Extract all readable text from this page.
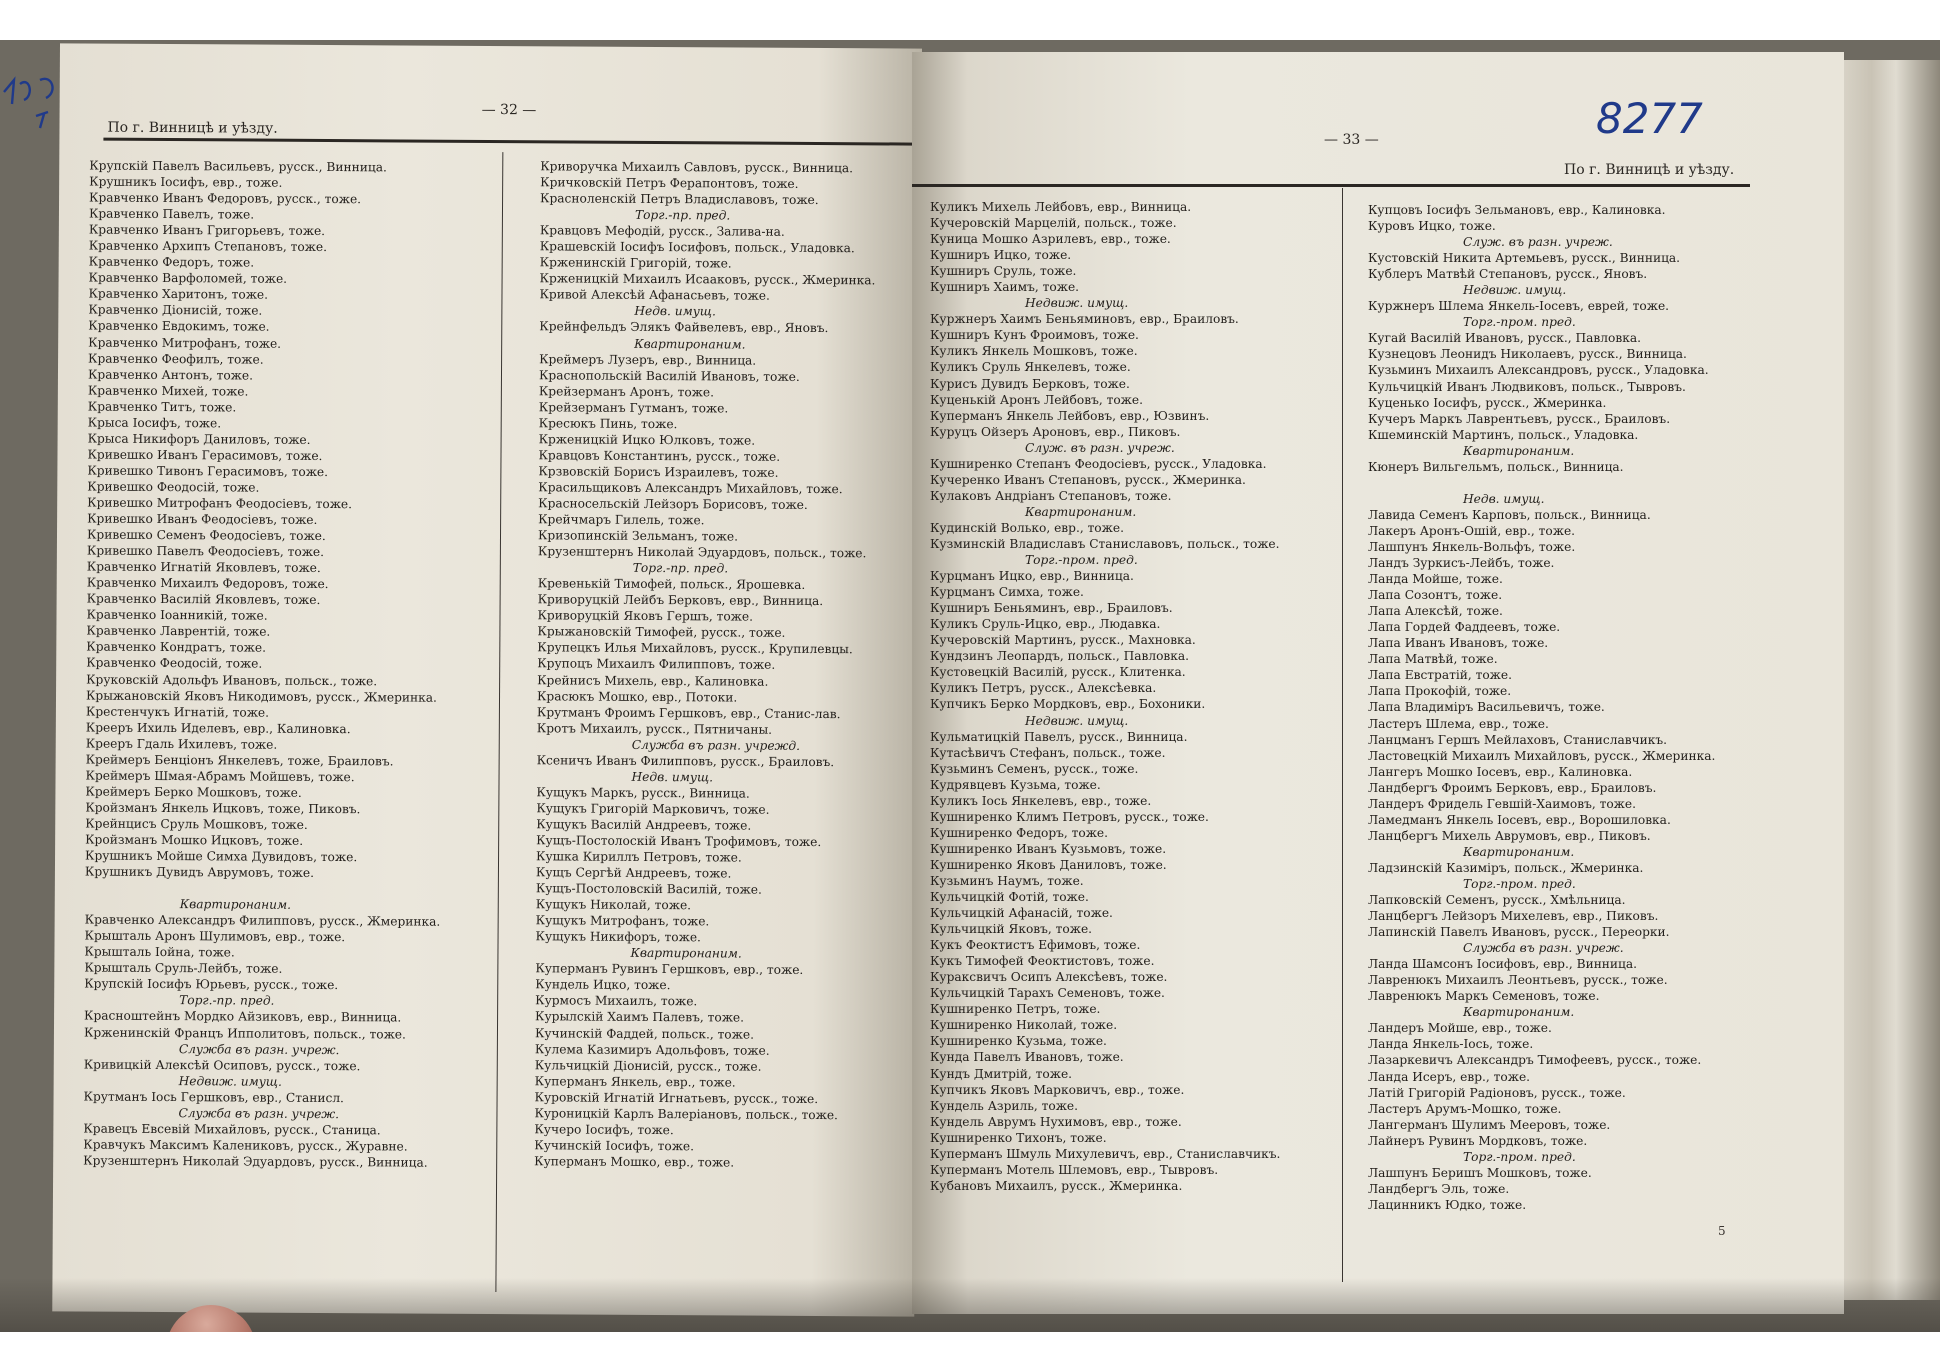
По г. Винницѣ и уѣзду.
— 32 —
Крупскій Павелъ Васильевъ, русск., Винница.
Крушникъ Іосифъ, евр., тоже.
Кравченко Иванъ Федоровъ, русск., тоже.
Кравченко Павелъ, тоже.
Кравченко Иванъ Григорьевъ, тоже.
Кравченко Архипъ Степановъ, тоже.
Кравченко Федоръ, тоже.
Кравченко Варфоломей, тоже.
Кравченко Харитонъ, тоже.
Кравченко Діонисій, тоже.
Кравченко Евдокимъ, тоже.
Кравченко Митрофанъ, тоже.
Кравченко Феофилъ, тоже.
Кравченко Антонъ, тоже.
Кравченко Михей, тоже.
Кравченко Титъ, тоже.
Крыса Іосифъ, тоже.
Крыса Никифоръ Даниловъ, тоже.
Кривешко Иванъ Герасимовъ, тоже.
Кривешко Тивонъ Герасимовъ, тоже.
Кривешко Феодосій, тоже.
Кривешко Митрофанъ Феодосіевъ, тоже.
Кривешко Иванъ Феодосіевъ, тоже.
Кривешко Семенъ Феодосіевъ, тоже.
Кривешко Павелъ Феодосіевъ, тоже.
Кравченко Игнатій Яковлевъ, тоже.
Кравченко Михаилъ Федоровъ, тоже.
Кравченко Василій Яковлевъ, тоже.
Кравченко Іоанникій, тоже.
Кравченко Лаврентій, тоже.
Кравченко Кондратъ, тоже.
Кравченко Феодосій, тоже.
Круковскій Адольфъ Ивановъ, польск., тоже.
Крыжановскій Яковъ Никодимовъ, русск., Жмеринка.
Крестенчукъ Игнатій, тоже.
Крееръ Ихиль Иделевъ, евр., Калиновка.
Крееръ Гдаль Ихилевъ, тоже.
Креймеръ Бенціонъ Янкелевъ, тоже, Браиловъ.
Креймеръ Шмая-Абрамъ Мойшевъ, тоже.
Креймеръ Берко Мошковъ, тоже.
Кройзманъ Янкель Ицковъ, тоже, Пиковъ.
Крейнцисъ Сруль Мошковъ, тоже.
Кройзманъ Мошко Ицковъ, тоже.
Крушникъ Мойше Симха Дувидовъ, тоже.
Крушникъ Дувидъ Аврумовъ, тоже.
Квартиронаним.
Кравченко Александръ Филипповъ, русск., Жмеринка.
Крышталь Аронъ Шулимовъ, евр., тоже.
Крышталь Іойна, тоже.
Крышталь Сруль-Лейбъ, тоже.
Крупскій Іосифъ Юрьевъ, русск., тоже.
Торг.-пр. пред.
Красноштейнъ Мордко Айзиковъ, евр., Винница.
Крженинскій Францъ Ипполитовъ, польск., тоже.
Служба въ разн. учреж.
Кривицкій Алексѣй Осиповъ, русск., тоже.
Недвиж. имущ.
Крутманъ Іось Гершковъ, евр., Станисл.
Служба въ разн. учреж.
Кравецъ Евсевій Михайловъ, русск., Станица.
Кравчукъ Максимъ Калениковъ, русск., Журавне.
Крузенштернъ Николай Эдуардовъ, русск., Винница.
Криворучка Михаилъ Савловъ, русск., Винница.
Кричковскій Петръ Ферапонтовъ, тоже.
Красноленскій Петръ Владиславовъ, тоже.
Торг.-пр. пред.
Кравцовъ Мефодій, русск., Залива-на.
Крашевскій Іосифъ Іосифовъ, польск., Уладовка.
Крженинскій Григорій, тоже.
Крженицкій Михаилъ Исааковъ, русск., Жмеринка.
Кривой Алексѣй Афанасьевъ, тоже.
Недв. имущ.
Крейнфельдъ Элякъ Файвелевъ, евр., Яновъ.
Квартиронаним.
Креймеръ Лузеръ, евр., Винница.
Краснопольскій Василій Ивановъ, тоже.
Крейзерманъ Аронъ, тоже.
Крейзерманъ Гутманъ, тоже.
Кресюкъ Пинь, тоже.
Крженицкій Ицко Юлковъ, тоже.
Кравцовъ Константинъ, русск., тоже.
Крзвовскій Борисъ Израилевъ, тоже.
Красильщиковъ Александръ Михайловъ, тоже.
Красносельскій Лейзоръ Борисовъ, тоже.
Крейчмаръ Гилель, тоже.
Кризопинскій Зельманъ, тоже.
Крузенштернъ Николай Эдуардовъ, польск., тоже.
Торг.-пр. пред.
Кревенькій Тимофей, польск., Ярошевка.
Криворуцкій Лейбъ Берковъ, евр., Винница.
Криворуцкій Яковъ Гершъ, тоже.
Крыжановскій Тимофей, русск., тоже.
Крупецкъ Илья Михайловъ, русск., Крупилевцы.
Крупоцъ Михаилъ Филипповъ, тоже.
Крейнисъ Михель, евр., Калиновка.
Красюкъ Мошко, евр., Потоки.
Крутманъ Фроимъ Гершковъ, евр., Станис-лав.
Кротъ Михаилъ, русск., Пятничаны.
Служба въ разн. учрежд.
Ксеничъ Иванъ Филипповъ, русск., Браиловъ.
Недв. имущ.
Кущукъ Маркъ, русск., Винница.
Кущукъ Григорій Марковичъ, тоже.
Кущукъ Василій Андреевъ, тоже.
Кущъ-Постолоскій Иванъ Трофимовъ, тоже.
Кушка Кириллъ Петровъ, тоже.
Кущъ Сергѣй Андреевъ, тоже.
Кущъ-Постоловскій Василій, тоже.
Кущукъ Николай, тоже.
Кущукъ Митрофанъ, тоже.
Кущукъ Никифоръ, тоже.
Квартиронаним.
Куперманъ Рувинъ Гершковъ, евр., тоже.
Кундель Ицко, тоже.
Курмосъ Михаилъ, тоже.
Курылскій Хаимъ Палевъ, тоже.
Кучинскій Фаддей, польск., тоже.
Кулема Казимиръ Адольфовъ, тоже.
Кульчицкій Діонисій, русск., тоже.
Куперманъ Янкель, евр., тоже.
Куровскій Игнатій Игнатьевъ, русск., тоже.
Куроницкій Карлъ Валеріановъ, польск., тоже.
Кучеро Іосифъ, тоже.
Кучинскій Іосифъ, тоже.
Куперманъ Мошко, евр., тоже.
— 33 —
По г. Винницѣ и уѣзду.
8277
Куликъ Михель Лейбовъ, евр., Винница.
Кучеровскій Марцелій, польск., тоже.
Куница Мошко Азрилевъ, евр., тоже.
Кушниръ Ицко, тоже.
Кушниръ Сруль, тоже.
Кушниръ Хаимъ, тоже.
Недвиж. имущ.
Куржнеръ Хаимъ Беньяминовъ, евр., Браиловъ.
Кушниръ Кунъ Фроимовъ, тоже.
Куликъ Янкель Мошковъ, тоже.
Куликъ Сруль Янкелевъ, тоже.
Курисъ Дувидъ Берковъ, тоже.
Куценькій Аронъ Лейбовъ, тоже.
Куперманъ Янкель Лейбовъ, евр., Юзвинъ.
Куруцъ Ойзеръ Ароновъ, евр., Пиковъ.
Служ. въ разн. учреж.
Кушниренко Степанъ Феодосіевъ, русск., Уладовка.
Кучеренко Иванъ Степановъ, русск., Жмеринка.
Кулаковъ Андріанъ Степановъ, тоже.
Квартиронаним.
Кудинскій Волько, евр., тоже.
Кузминскій Владиславъ Станиславовъ, польск., тоже.
Торг.-пром. пред.
Курцманъ Ицко, евр., Винница.
Курцманъ Симха, тоже.
Кушниръ Беньяминъ, евр., Браиловъ.
Куликъ Сруль-Ицко, евр., Людавка.
Кучеровскій Мартинъ, русск., Махновка.
Кундзинъ Леопардъ, польск., Павловка.
Кустовецкій Василій, русск., Клитенка.
Куликъ Петръ, русск., Алексѣевка.
Купчикъ Берко Мордковъ, евр., Бохоники.
Недвиж. имущ.
Кульматицкій Павелъ, русск., Винница.
Кутасѣвичъ Стефанъ, польск., тоже.
Кузьминъ Семенъ, русск., тоже.
Кудрявцевъ Кузьма, тоже.
Куликъ Іось Янкелевъ, евр., тоже.
Кушниренко Климъ Петровъ, русск., тоже.
Кушниренко Федоръ, тоже.
Кушниренко Иванъ Кузьмовъ, тоже.
Кушниренко Яковъ Даниловъ, тоже.
Кузьминъ Наумъ, тоже.
Кульчицкій Фотій, тоже.
Кульчицкій Афанасій, тоже.
Кульчицкій Яковъ, тоже.
Кукъ Феоктистъ Ефимовъ, тоже.
Кукъ Тимофей Феоктистовъ, тоже.
Кураксвичъ Осипъ Алексѣевъ, тоже.
Кульчицкій Тарахъ Семеновъ, тоже.
Кушниренко Петръ, тоже.
Кушниренко Николай, тоже.
Кушниренко Кузьма, тоже.
Кунда Павелъ Ивановъ, тоже.
Кундъ Дмитрій, тоже.
Купчикъ Яковъ Марковичъ, евр., тоже.
Кундель Азриль, тоже.
Кундель Аврумъ Нухимовъ, евр., тоже.
Кушниренко Тихонъ, тоже.
Куперманъ Шмуль Михулевичъ, евр., Станиславчикъ.
Куперманъ Мотель Шлемовъ, евр., Тывровъ.
Кубановъ Михаилъ, русск., Жмеринка.
Купцовъ Іосифъ Зельмановъ, евр., Калиновка.
Куровъ Ицко, тоже.
Служ. въ разн. учреж.
Кустовскій Никита Артемьевъ, русск., Винница.
Кублеръ Матвѣй Степановъ, русск., Яновъ.
Недвиж. имущ.
Куржнеръ Шлема Янкель-Іосевъ, еврей, тоже.
Торг.-пром. пред.
Кугай Василій Ивановъ, русск., Павловка.
Кузнецовъ Леонидъ Николаевъ, русск., Винница.
Кузьминъ Михаилъ Александровъ, русск., Уладовка.
Кульчицкій Иванъ Людвиковъ, польск., Тывровъ.
Куценько Іосифъ, русск., Жмеринка.
Кучеръ Маркъ Лаврентьевъ, русск., Браиловъ.
Кшеминскій Мартинъ, польск., Уладовка.
Квартиронаним.
Кюнеръ Вильгельмъ, польск., Винница.
Недв. имущ.
Лавида Семенъ Карповъ, польск., Винница.
Лакеръ Аронъ-Ошій, евр., тоже.
Лашпунъ Янкель-Вольфъ, тоже.
Ландъ Зуркисъ-Лейбъ, тоже.
Ланда Мойше, тоже.
Лапа Созонтъ, тоже.
Лапа Алексѣй, тоже.
Лапа Гордей Фаддеевъ, тоже.
Лапа Иванъ Ивановъ, тоже.
Лапа Матвѣй, тоже.
Лапа Евстратій, тоже.
Лапа Прокофій, тоже.
Лапа Владиміръ Васильевичъ, тоже.
Ластеръ Шлема, евр., тоже.
Ланцманъ Гершъ Мейлаховъ, Станиславчикъ.
Ластовецкій Михаилъ Михайловъ, русск., Жмеринка.
Лангеръ Мошко Іосевъ, евр., Калиновка.
Ландбергъ Фроимъ Берковъ, евр., Браиловъ.
Ландеръ Фридель Гевшій-Хаимовъ, тоже.
Ламедманъ Янкель Іосевъ, евр., Ворошиловка.
Ланцбергъ Михель Аврумовъ, евр., Пиковъ.
Квартиронаним.
Ладзинскій Казиміръ, польск., Жмеринка.
Торг.-пром. пред.
Лапковскій Семенъ, русск., Хмѣльница.
Ланцбергъ Лейзоръ Михелевъ, евр., Пиковъ.
Лапинскій Павелъ Ивановъ, русск., Переорки.
Служба въ разн. учреж.
Ланда Шамсонъ Іосифовъ, евр., Винница.
Лавренюкъ Михаилъ Леонтьевъ, русск., тоже.
Лавренюкъ Маркъ Семеновъ, тоже.
Квартиронаним.
Ландеръ Мойше, евр., тоже.
Ланда Янкель-Іось, тоже.
Лазаркевичъ Александръ Тимофеевъ, русск., тоже.
Ланда Исеръ, евр., тоже.
Латій Григорій Радіоновъ, русск., тоже.
Ластеръ Арумъ-Мошко, тоже.
Лангерманъ Шулимъ Мееровъ, тоже.
Лайнеръ Рувинъ Мордковъ, тоже.
Торг.-пром. пред.
Лашпунъ Беришъ Мошковъ, тоже.
Ландбергъ Эль, тоже.
Лацинникъ Юдко, тоже.
5
